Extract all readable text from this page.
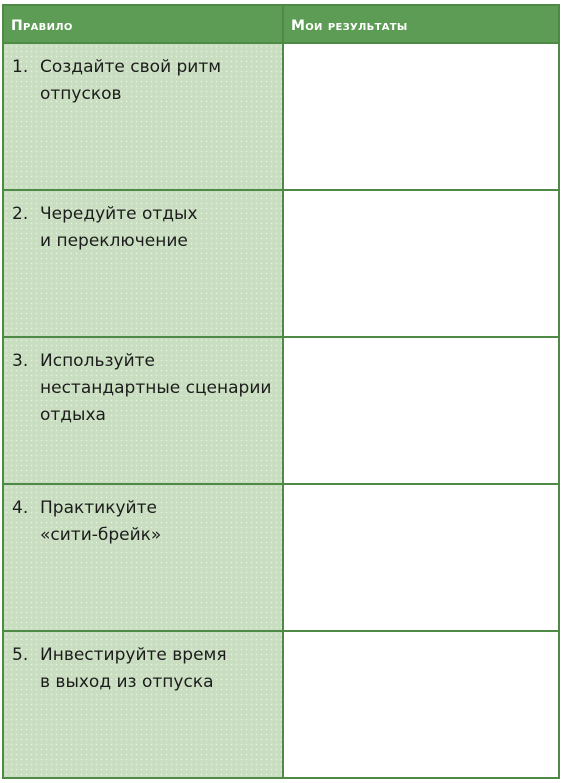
Правило	Мои результаты
1. Создайте свой ритм
отпусков
2. Чередуйте отдых
и переключение
3. Используйте
нестандартные сценарии
отдыха
4. Практикуйте
«сити-брейк»
5. Инвестируйте время
в выход из отпуска
